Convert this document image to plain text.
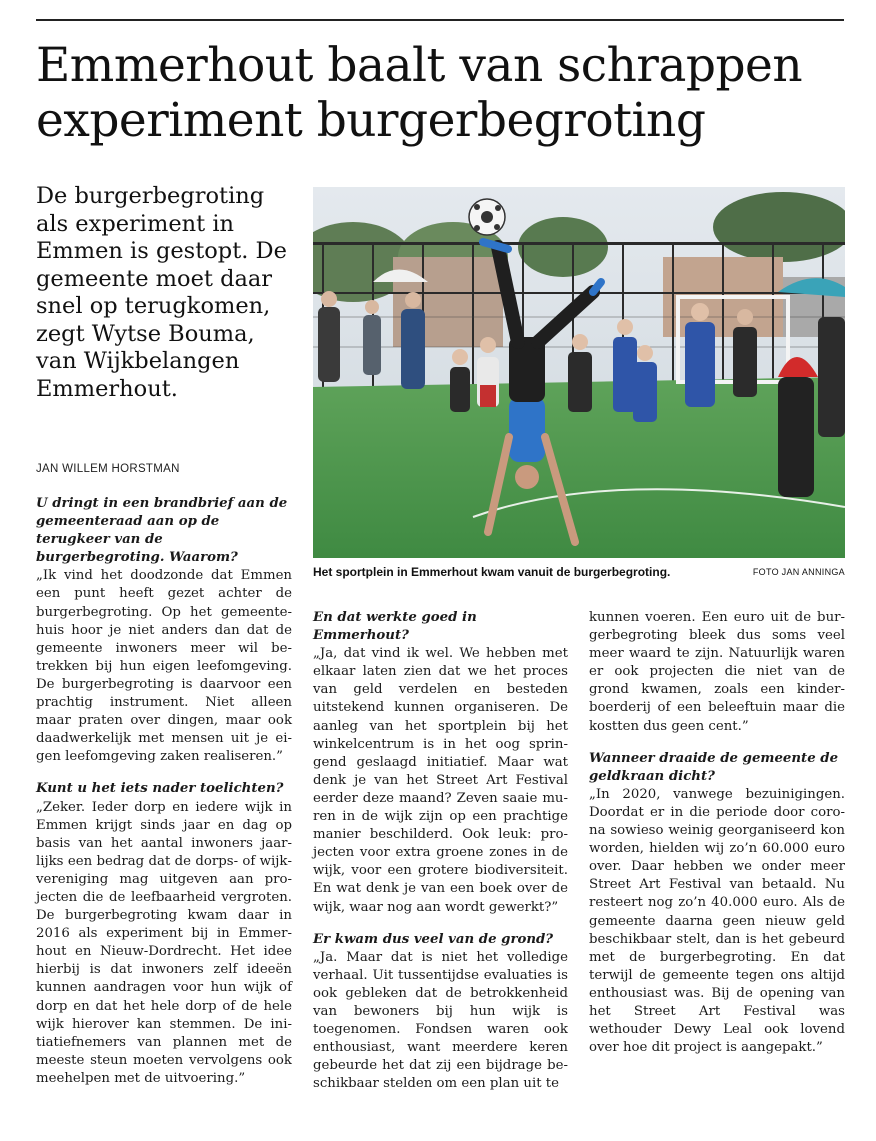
Emmerhout baalt van schrappen
experiment burgerbegroting

De burgerbegroting als experiment in Emmen is gestopt. De gemeente moet daar snel op terugkomen, zegt Wytse Bouma, van Wijkbelangen Emmerhout.

JAN WILLEM HORSTMAN
Het sportplein in Emmerhout kwam vanuit de burgerbegroting.	FOTO JAN ANNINGA

U dringt in een brandbrief aan de gemeenteraad aan op de terugkeer van de burgerbegroting. Waarom?

„Ik vind het doodzonde dat Emmen een punt heeft gezet achter de burgerbegroting. Op het gemeentehuis hoor je niet anders dan dat de gemeente inwoners meer wil betrekken bij hun eigen leefomgeving. De burgerbegroting is daarvoor een prachtig instrument. Niet alleen maar praten over dingen, maar ook daadwerkelijk met mensen uit je eigen leefomgeving zaken realiseren.”

Kunt u het iets nader toelichten?

„Zeker. Ieder dorp en iedere wijk in Emmen krijgt sinds jaar en dag op basis van het aantal inwoners jaarlijks een bedrag dat de dorps- of wijkvereniging mag uitgeven aan projecten die de leefbaarheid vergroten. De burgerbegroting kwam daar in 2016 als experiment bij in Emmerhout en Nieuw-Dordrecht. Het idee hierbij is dat inwoners zelf ideeën kunnen aandragen voor hun wijk of dorp en dat het hele dorp of de hele wijk hierover kan stemmen. De initiatiefnemers van plannen met de meeste steun moeten vervolgens ook meehelpen met de uitvoering.”

En dat werkte goed in Emmerhout?

„Ja, dat vind ik wel. We hebben met elkaar laten zien dat we het proces van geld verdelen en besteden uitstekend kunnen organiseren. De aanleg van het sportplein bij het winkelcentrum is in het oog springend geslaagd initiatief. Maar wat denk je van het Street Art Festival eerder deze maand? Zeven saaie muren in de wijk zijn op een prachtige manier beschilderd. Ook leuk: projecten voor extra groene zones in de wijk, voor een grotere biodiversiteit. En wat denk je van een boek over de wijk, waar nog aan wordt gewerkt?”

Er kwam dus veel van de grond?

„Ja. Maar dat is niet het volledige verhaal. Uit tussentijdse evaluaties is ook gebleken dat de betrokkenheid van bewoners bij hun wijk is toegenomen. Fondsen waren ook enthousiast, want meerdere keren gebeurde het dat zij een bijdrage beschikbaar stelden om een plan uit te

kunnen voeren. Een euro uit de burgerbegroting bleek dus soms veel meer waard te zijn. Natuurlijk waren er ook projecten die niet van de grond kwamen, zoals een kinderboerderij of een beleeftuin maar die kostten dus geen cent.”

Wanneer draaide de gemeente de geldkraan dicht?

„In 2020, vanwege bezuinigingen. Doordat er in die periode door corona sowieso weinig georganiseerd kon worden, hielden wij zo’n 60.000 euro over. Daar hebben we onder meer Street Art Festival van betaald. Nu resteert nog zo’n 40.000 euro. Als de gemeente daarna geen nieuw geld beschikbaar stelt, dan is het gebeurd met de burgerbegroting. En dat terwijl de gemeente tegen ons altijd enthousiast was. Bij de opening van het Street Art Festival was wethouder Dewy Leal ook lovend over hoe dit project is aangepakt.”
